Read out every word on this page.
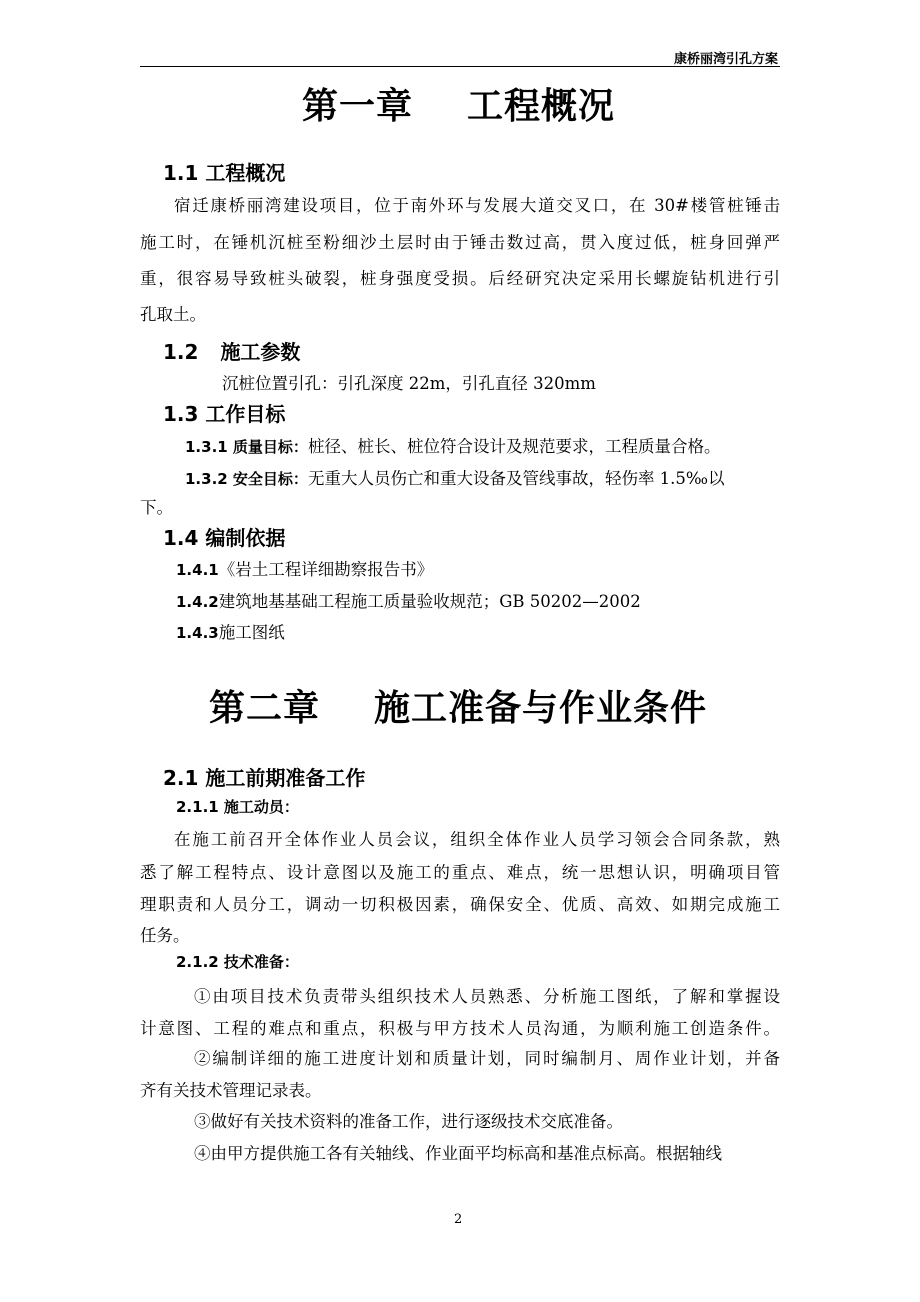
康桥丽湾引孔方案
第一章 工程概况
1.1 工程概况
宿迁康桥丽湾建设项目，位于南外环与发展大道交叉口，在 30#楼管桩锤击
施工时，在锤机沉桩至粉细沙土层时由于锤击数过高，贯入度过低，桩身回弹严
重，很容易导致桩头破裂，桩身强度受损。后经研究决定采用长螺旋钻机进行引
孔取土。
1.2 施工参数
沉桩位置引孔：引孔深度 22m，引孔直径 320mm
1.3 工作目标
1.3.1 质量目标：桩径、桩长、桩位符合设计及规范要求，工程质量合格。
1.3.2 安全目标：无重大人员伤亡和重大设备及管线事故，轻伤率 1.5‰以
下。
1.4 编制依据
1.4.1《岩土工程详细勘察报告书》
1.4.2建筑地基基础工程施工质量验收规范；GB 50202—2002
1.4.3施工图纸
第二章 施工准备与作业条件
2.1 施工前期准备工作
2.1.1 施工动员：
在施工前召开全体作业人员会议，组织全体作业人员学习领会合同条款，熟
悉了解工程特点、设计意图以及施工的重点、难点，统一思想认识，明确项目管
理职责和人员分工，调动一切积极因素，确保安全、优质、高效、如期完成施工
任务。
2.1.2 技术准备：
①由项目技术负责带头组织技术人员熟悉、分析施工图纸，了解和掌握设
计意图、工程的难点和重点，积极与甲方技术人员沟通，为顺利施工创造条件。
②编制详细的施工进度计划和质量计划，同时编制月、周作业计划，并备
齐有关技术管理记录表。
③做好有关技术资料的准备工作，进行逐级技术交底准备。
④由甲方提供施工各有关轴线、作业面平均标高和基准点标高。根据轴线
2
